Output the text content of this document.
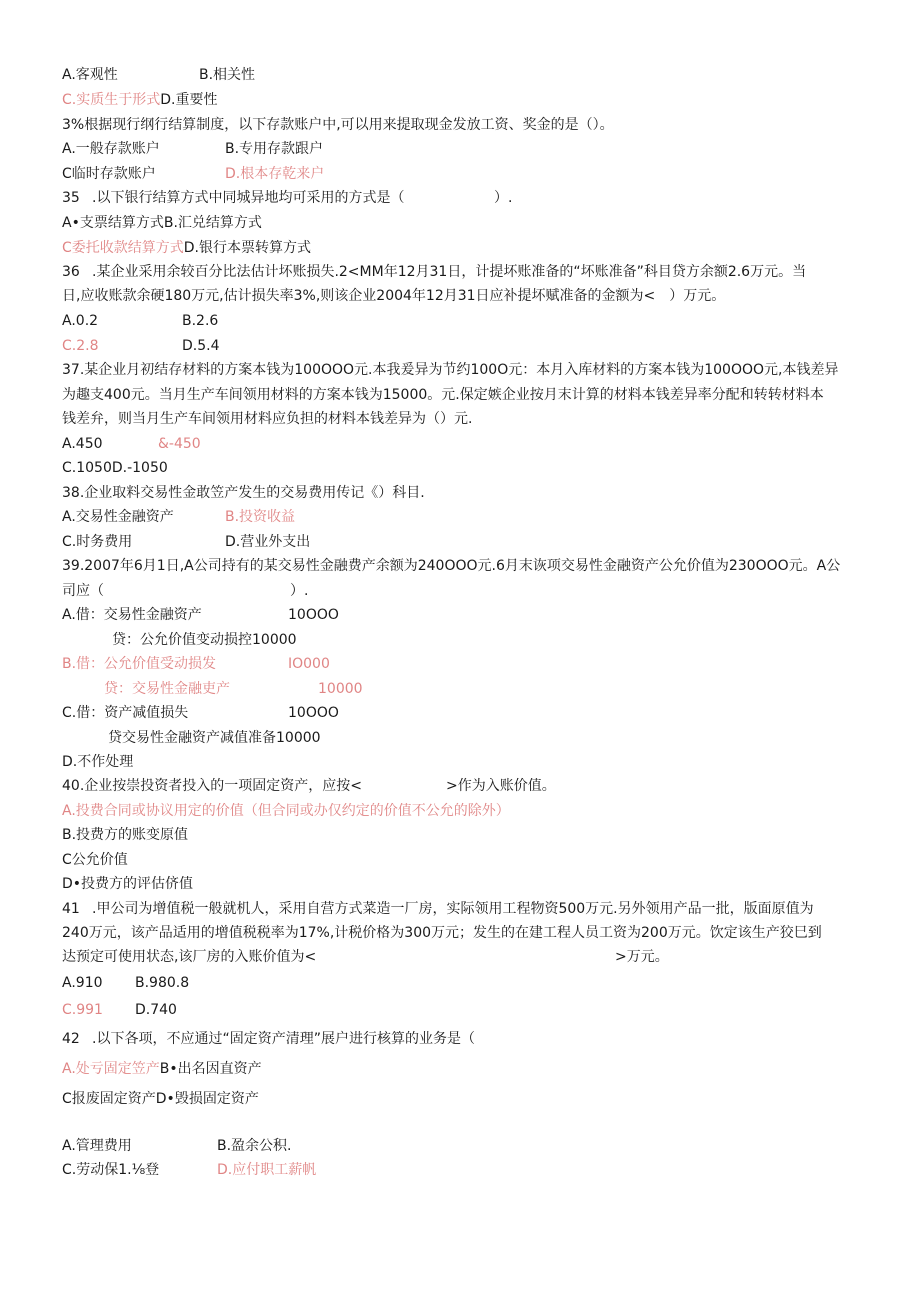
A.客观性	B.相关性
C.实质生于形式D.重要性
3%根据现行纲行结算制度，以下存款账户中,可以用来提取现金发放工资、奖金的是（）。
A.一般存款账户	B.专用存款跟户
C临时存款账户	D.根本存乾来户
35 .以下银行结算方式中同城异地均可采用的方式是（	）.
A•支票结算方式B.汇兑结算方式
C委托收款结算方式D.银行本票转算方式
36 .某企业采用余较百分比法估计坏账损失.2<MM年12月31日，计提坏账准备的“坏账准备”科目贷方余额2.6万元。当
日,应收账款余硬180万元,估计损失率3%,则该企业2004年12月31日应补提坏赋准备的金额为<　）万元。
A.0.2	B.2.6
C.2.8	D.5.4
37.某企业月初结存材料的方案本钱为100OOO元.本我爰异为节约100O元：本月入库材料的方案本钱为100OOO元,本钱差异
为趣支400元。当月生产车间领用材料的方案本钱为15000。元.保定嫉企业按月末计算的材料本钱差异率分配和转转材料本
钱差弁，则当月生产车间领用材料应负担的材料本钱差异为（）元.
A.450	&-450
C.1050D.-1050
38.企业取料交易性金敢笠产发生的交易费用传记《）科目.
A.交易性金融资产	B.投资收益
C.时务费用	D.营业外支出
39.2007年6月1日,A公司持有的某交易性金融费产余额为240OOO元.6月末诙项交易性金融资产公允价值为230OOO元。A公
司应（	）.
A.借：交易性金融资产	10OOO
贷：公允价值变动损控10000
B.借：公允价值受动损发	IO000
贷：交易性金融吏产	10000
C.借：资产减值损失	10OOO
贷交易性金融资产减值准备10000
D.不作处理
40.企业按崇投资者投入的一项固定资产，应按<	>作为入账价值。
A.投费合同或协议用定的价值（但合同或办仅约定的价值不公允的除外）
B.投费方的账变原值
C公允价值
D•投费方的评估侪值
41 .甲公司为增值税一般就机人，采用自营方式菜造一厂房，实际领用工程物资500万元.另外领用产品一批，版面原值为
240万元，该产品适用的增值税税率为17%,计税价格为300万元；发生的在建工程人员工资为200万元。饮定该生产狡巳到
达预定可使用状态,该厂房的入账价值为<	>万元。
A.910 B.980.8
C.991 D.740
42 .以下各项，不应通过“固定资产清理”展户进行核算的业务是（
A.处亏固定笠产B•出名因直资产
C报废固定资产D•毁损固定资产
A.管理费用	B.盈余公积.
C.劳动保1.⅛登	D.应付职工薪帆
